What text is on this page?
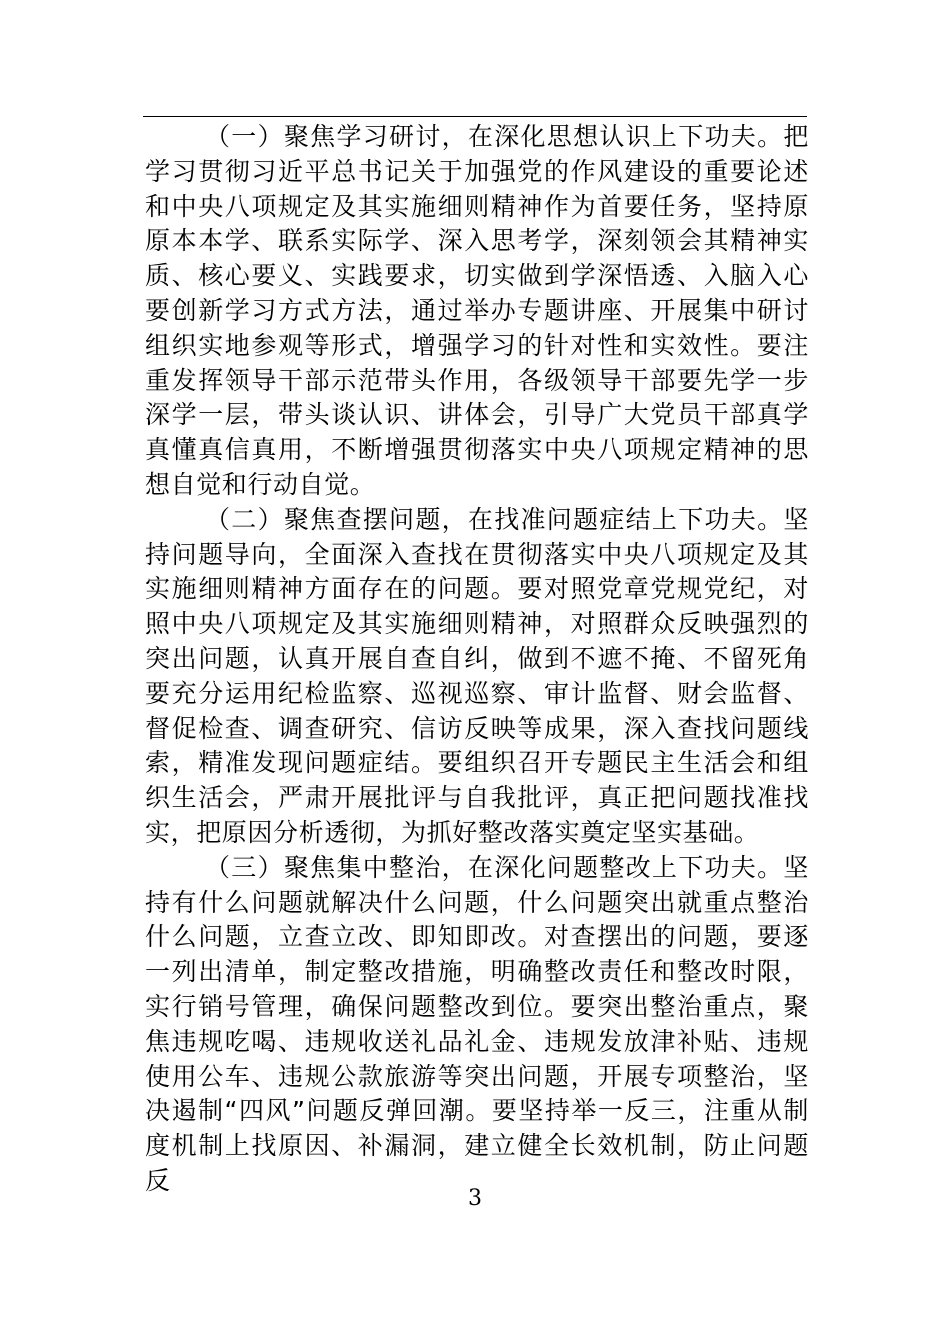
（一）聚焦学习研讨，在深化思想认识上下功夫。把学习贯彻习近平总书记关于加强党的作风建设的重要论述和中央八项规定及其实施细则精神作为首要任务，坚持原原本本学、联系实际学、深入思考学，深刻领会其精神实质、核心要义、实践要求，切实做到学深悟透、入脑入心要创新学习方式方法，通过举办专题讲座、开展集中研讨组织实地参观等形式，增强学习的针对性和实效性。要注重发挥领导干部示范带头作用，各级领导干部要先学一步深学一层，带头谈认识、讲体会，引导广大党员干部真学真懂真信真用，不断增强贯彻落实中央八项规定精神的思想自觉和行动自觉。

（二）聚焦查摆问题，在找准问题症结上下功夫。坚持问题导向，全面深入查找在贯彻落实中央八项规定及其实施细则精神方面存在的问题。要对照党章党规党纪，对照中央八项规定及其实施细则精神，对照群众反映强烈的突出问题，认真开展自查自纠，做到不遮不掩、不留死角要充分运用纪检监察、巡视巡察、审计监督、财会监督、督促检查、调查研究、信访反映等成果，深入查找问题线索，精准发现问题症结。要组织召开专题民主生活会和组织生活会，严肃开展批评与自我批评，真正把问题找准找实，把原因分析透彻，为抓好整改落实奠定坚实基础。

（三）聚焦集中整治，在深化问题整改上下功夫。坚持有什么问题就解决什么问题，什么问题突出就重点整治什么问题，立查立改、即知即改。对查摆出的问题，要逐一列出清单，制定整改措施，明确整改责任和整改时限，实行销号管理，确保问题整改到位。要突出整治重点，聚焦违规吃喝、违规收送礼品礼金、违规发放津补贴、违规使用公车、违规公款旅游等突出问题，开展专项整治，坚决遏制“四风”问题反弹回潮。要坚持举一反三，注重从制度机制上找原因、补漏洞，建立健全长效机制，防止问题反

3
